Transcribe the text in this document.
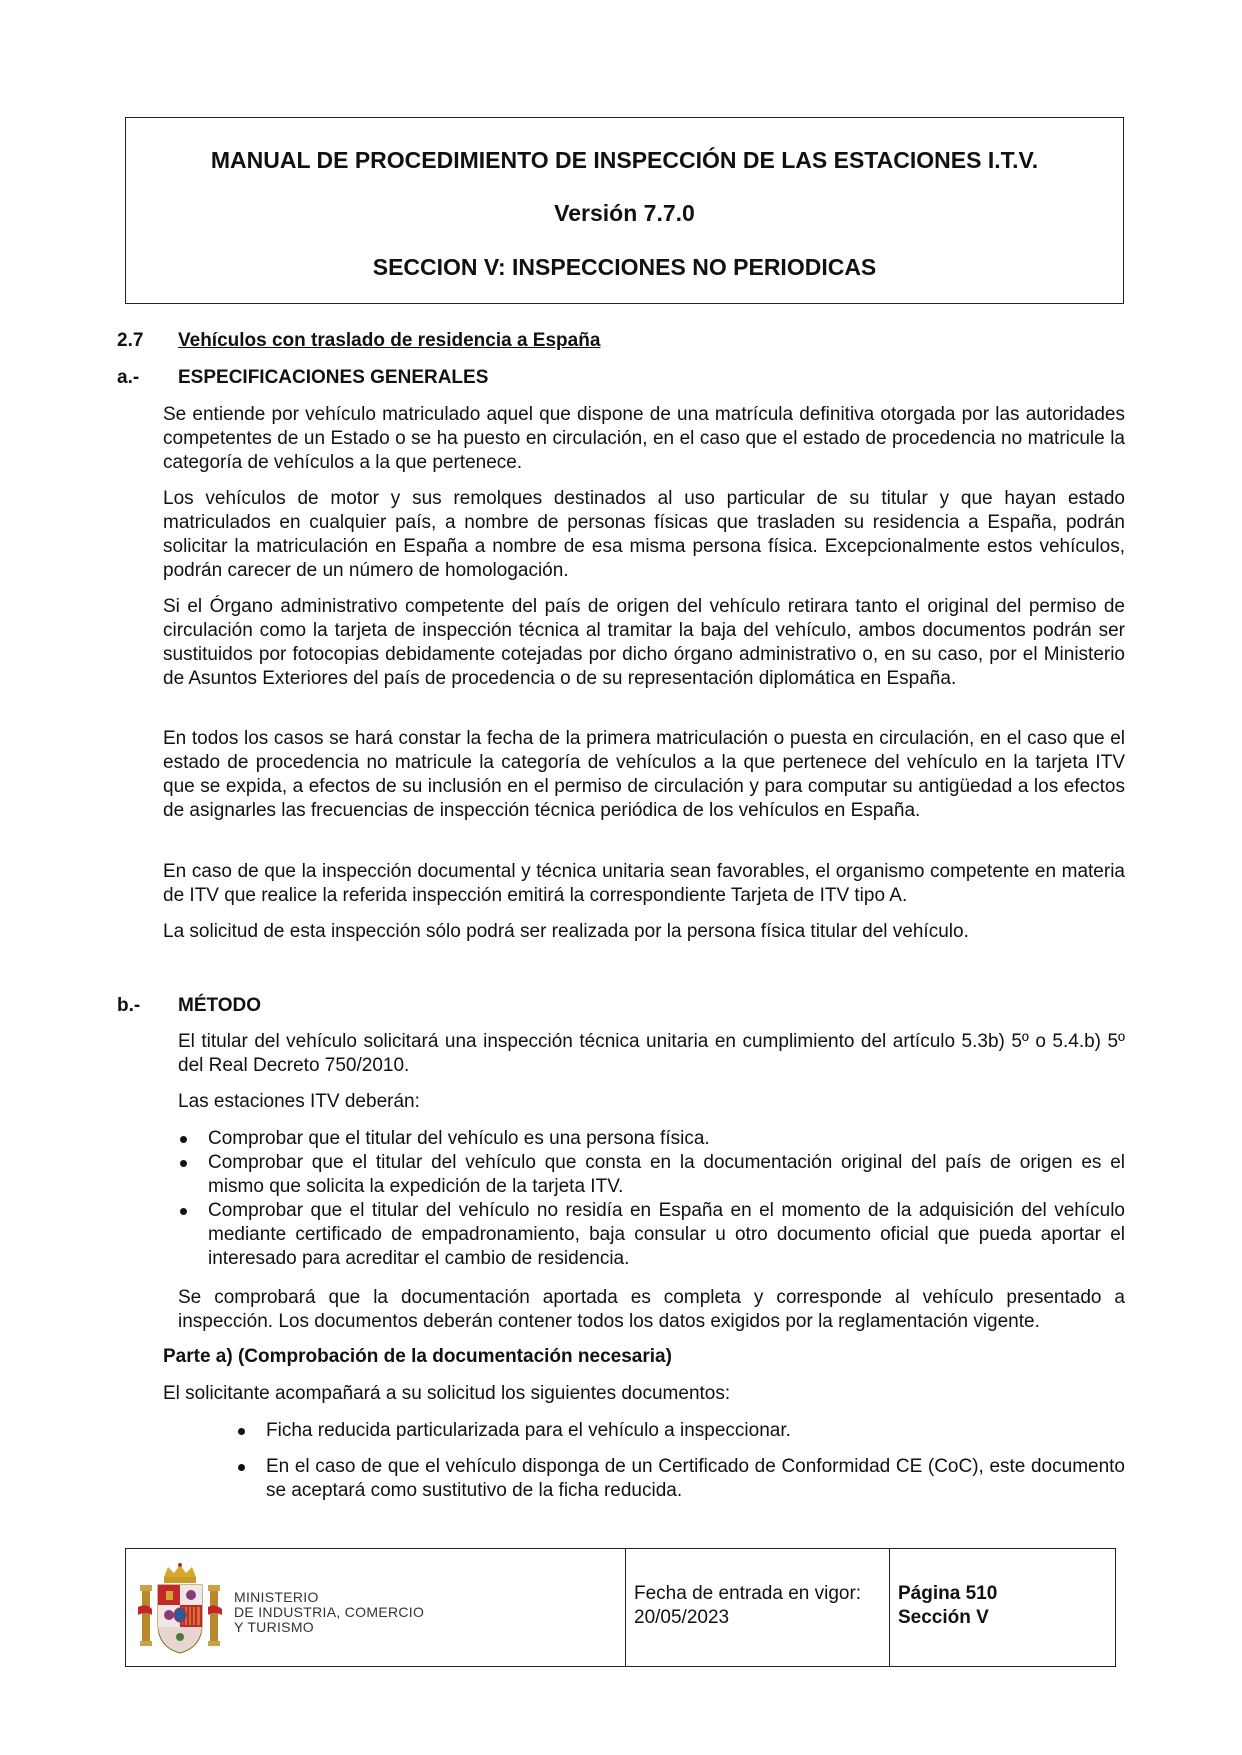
MANUAL DE PROCEDIMIENTO DE INSPECCIÓN DE LAS ESTACIONES I.T.V.
Versión 7.7.0
SECCION V: INSPECCIONES NO PERIODICAS
2.7 Vehículos con traslado de residencia a España
a.- ESPECIFICACIONES GENERALES
Se entiende por vehículo matriculado aquel que dispone de una matrícula definitiva otorgada por las autoridades competentes de un Estado o se ha puesto en circulación, en el caso que el estado de procedencia no matricule la categoría de vehículos a la que pertenece.
Los vehículos de motor y sus remolques destinados al uso particular de su titular y que hayan estado matriculados en cualquier país, a nombre de personas físicas que trasladen su residencia a España, podrán solicitar la matriculación en España a nombre de esa misma persona física. Excepcionalmente estos vehículos, podrán carecer de un número de homologación.
Si el Órgano administrativo competente del país de origen del vehículo retirara tanto el original del permiso de circulación como la tarjeta de inspección técnica al tramitar la baja del vehículo, ambos documentos podrán ser sustituidos por fotocopias debidamente cotejadas por dicho órgano administrativo o, en su caso, por el Ministerio de Asuntos Exteriores del país de procedencia o de su representación diplomática en España.
En todos los casos se hará constar la fecha de la primera matriculación o puesta en circulación, en el caso que el estado de procedencia no matricule la categoría de vehículos a la que pertenece del vehículo en la tarjeta ITV que se expida, a efectos de su inclusión en el permiso de circulación y para computar su antigüedad a los efectos de asignarles las frecuencias de inspección técnica periódica de los vehículos en España.
En caso de que la inspección documental y técnica unitaria sean favorables, el organismo competente en materia de ITV que realice la referida inspección emitirá la correspondiente Tarjeta de ITV tipo A.
La solicitud de esta inspección sólo podrá ser realizada por la persona física titular del vehículo.
b.- MÉTODO
El titular del vehículo solicitará una inspección técnica unitaria en cumplimiento del artículo 5.3b) 5º o 5.4.b) 5º del Real Decreto 750/2010.
Las estaciones ITV deberán:
Comprobar que el titular del vehículo es una persona física.
Comprobar que el titular del vehículo que consta en la documentación original del país de origen es el mismo que solicita la expedición de la tarjeta ITV.
Comprobar que el titular del vehículo no residía en España en el momento de la adquisición del vehículo mediante certificado de empadronamiento, baja consular u otro documento oficial que pueda aportar el interesado para acreditar el cambio de residencia.
Se comprobará que la documentación aportada es completa y corresponde al vehículo presentado a inspección. Los documentos deberán contener todos los datos exigidos por la reglamentación vigente.
Parte a) (Comprobación de la documentación necesaria)
El solicitante acompañará a su solicitud los siguientes documentos:
Ficha reducida particularizada para el vehículo a inspeccionar.
En el caso de que el vehículo disponga de un Certificado de Conformidad CE (CoC), este documento se aceptará como sustitutivo de la ficha reducida.
MINISTERIO
DE INDUSTRIA, COMERCIO
Y TURISMO
Fecha de entrada en vigor:
20/05/2023
Página 510
Sección V
